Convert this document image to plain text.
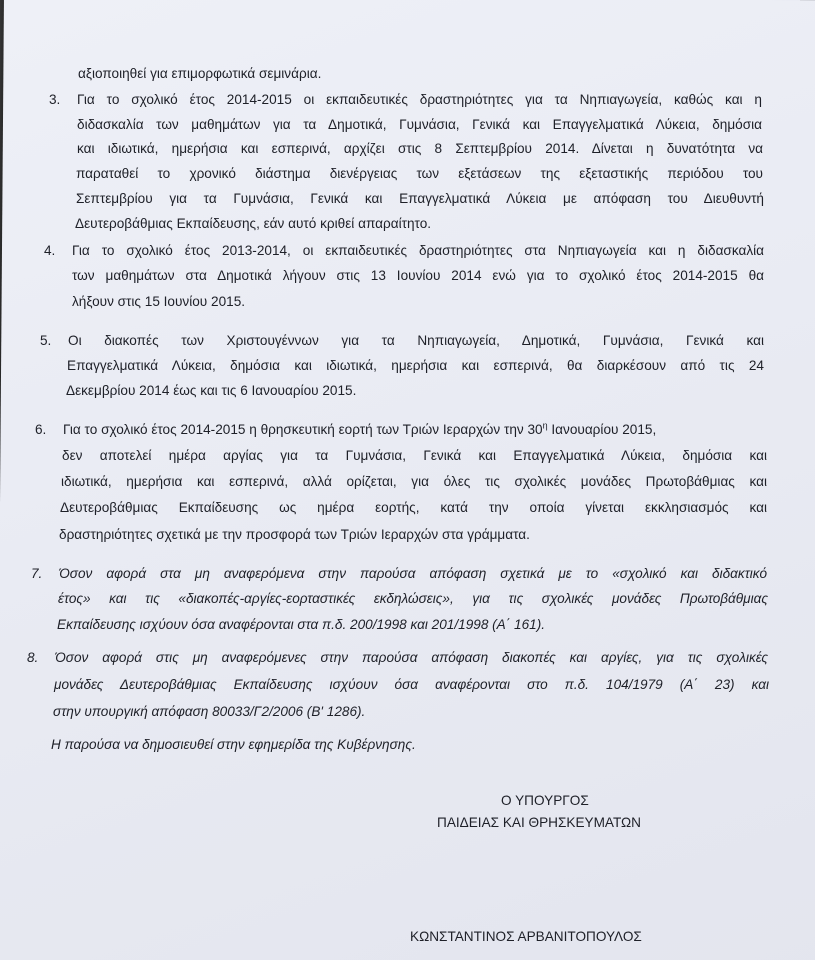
αξιοποιηθεί για επιμορφωτικά σεμινάρια.
3. Για το σχολικό έτος 2014-2015 οι εκπαιδευτικές δραστηριότητες για τα Νηπιαγωγεία, καθώς και η
διδασκαλία των μαθημάτων για τα Δημοτικά, Γυμνάσια, Γενικά και Επαγγελματικά Λύκεια, δημόσια
και ιδιωτικά, ημερήσια και εσπερινά, αρχίζει στις 8 Σεπτεμβρίου 2014. Δίνεται η δυνατότητα να
παραταθεί το χρονικό διάστημα διενέργειας των εξετάσεων της εξεταστικής περιόδου του
Σεπτεμβρίου για τα Γυμνάσια, Γενικά και Επαγγελματικά Λύκεια με απόφαση του Διευθυντή
Δευτεροβάθμιας Εκπαίδευσης, εάν αυτό κριθεί απαραίτητο.
4. Για το σχολικό έτος 2013-2014, οι εκπαιδευτικές δραστηριότητες στα Νηπιαγωγεία και η διδασκαλία
των μαθημάτων στα Δημοτικά λήγουν στις 13 Ιουνίου 2014 ενώ για το σχολικό έτος 2014-2015 θα
λήξουν στις 15 Ιουνίου 2015.
5. Οι διακοπές των Χριστουγέννων για τα Νηπιαγωγεία, Δημοτικά, Γυμνάσια, Γενικά και
Επαγγελματικά Λύκεια, δημόσια και ιδιωτικά, ημερήσια και εσπερινά, θα διαρκέσουν από τις 24
Δεκεμβρίου 2014 έως και τις 6 Ιανουαρίου 2015.
6. Για το σχολικό έτος 2014-2015 η θρησκευτική εορτή των Τριών Ιεραρχών την $30^\eta$ Ιανουαρίου 2015,
δεν αποτελεί ημέρα αργίας για τα Γυμνάσια, Γενικά και Επαγγελματικά Λύκεια, δημόσια και
ιδιωτικά, ημερήσια και εσπερινά, αλλά ορίζεται, για όλες τις σχολικές μονάδες Πρωτοβάθμιας και
Δευτεροβάθμιας Εκπαίδευσης ως ημέρα εορτής, κατά την οποία γίνεται εκκλησιασμός και
δραστηριότητες σχετικά με την προσφορά των Τριών Ιεραρχών στα γράμματα.
7. Όσον αφορά στα μη αναφερόμενα στην παρούσα απόφαση σχετικά με το «σχολικό και διδακτικό
έτος» και τις «διακοπές-αργίες-εορταστικές εκδηλώσεις», για τις σχολικές μονάδες Πρωτοβάθμιας
Εκπαίδευσης ισχύουν όσα αναφέρονται στα π.δ. 200/1998 και 201/1998 (Α΄ 161).
8. Όσον αφορά στις μη αναφερόμενες στην παρούσα απόφαση διακοπές και αργίες, για τις σχολικές
μονάδες Δευτεροβάθμιας Εκπαίδευσης ισχύουν όσα αναφέρονται στο π.δ. 104/1979 (Α΄ 23) και
στην υπουργική απόφαση 80033/Γ2/2006 (Β' 1286).
Η παρούσα να δημοσιευθεί στην εφημερίδα της Κυβέρνησης.
Ο ΥΠΟΥΡΓΟΣ
ΠΑΙΔΕΙΑΣ ΚΑΙ ΘΡΗΣΚΕΥΜΑΤΩΝ
ΚΩΝΣΤΑΝΤΙΝΟΣ ΑΡΒΑΝΙΤΟΠΟΥΛΟΣ
